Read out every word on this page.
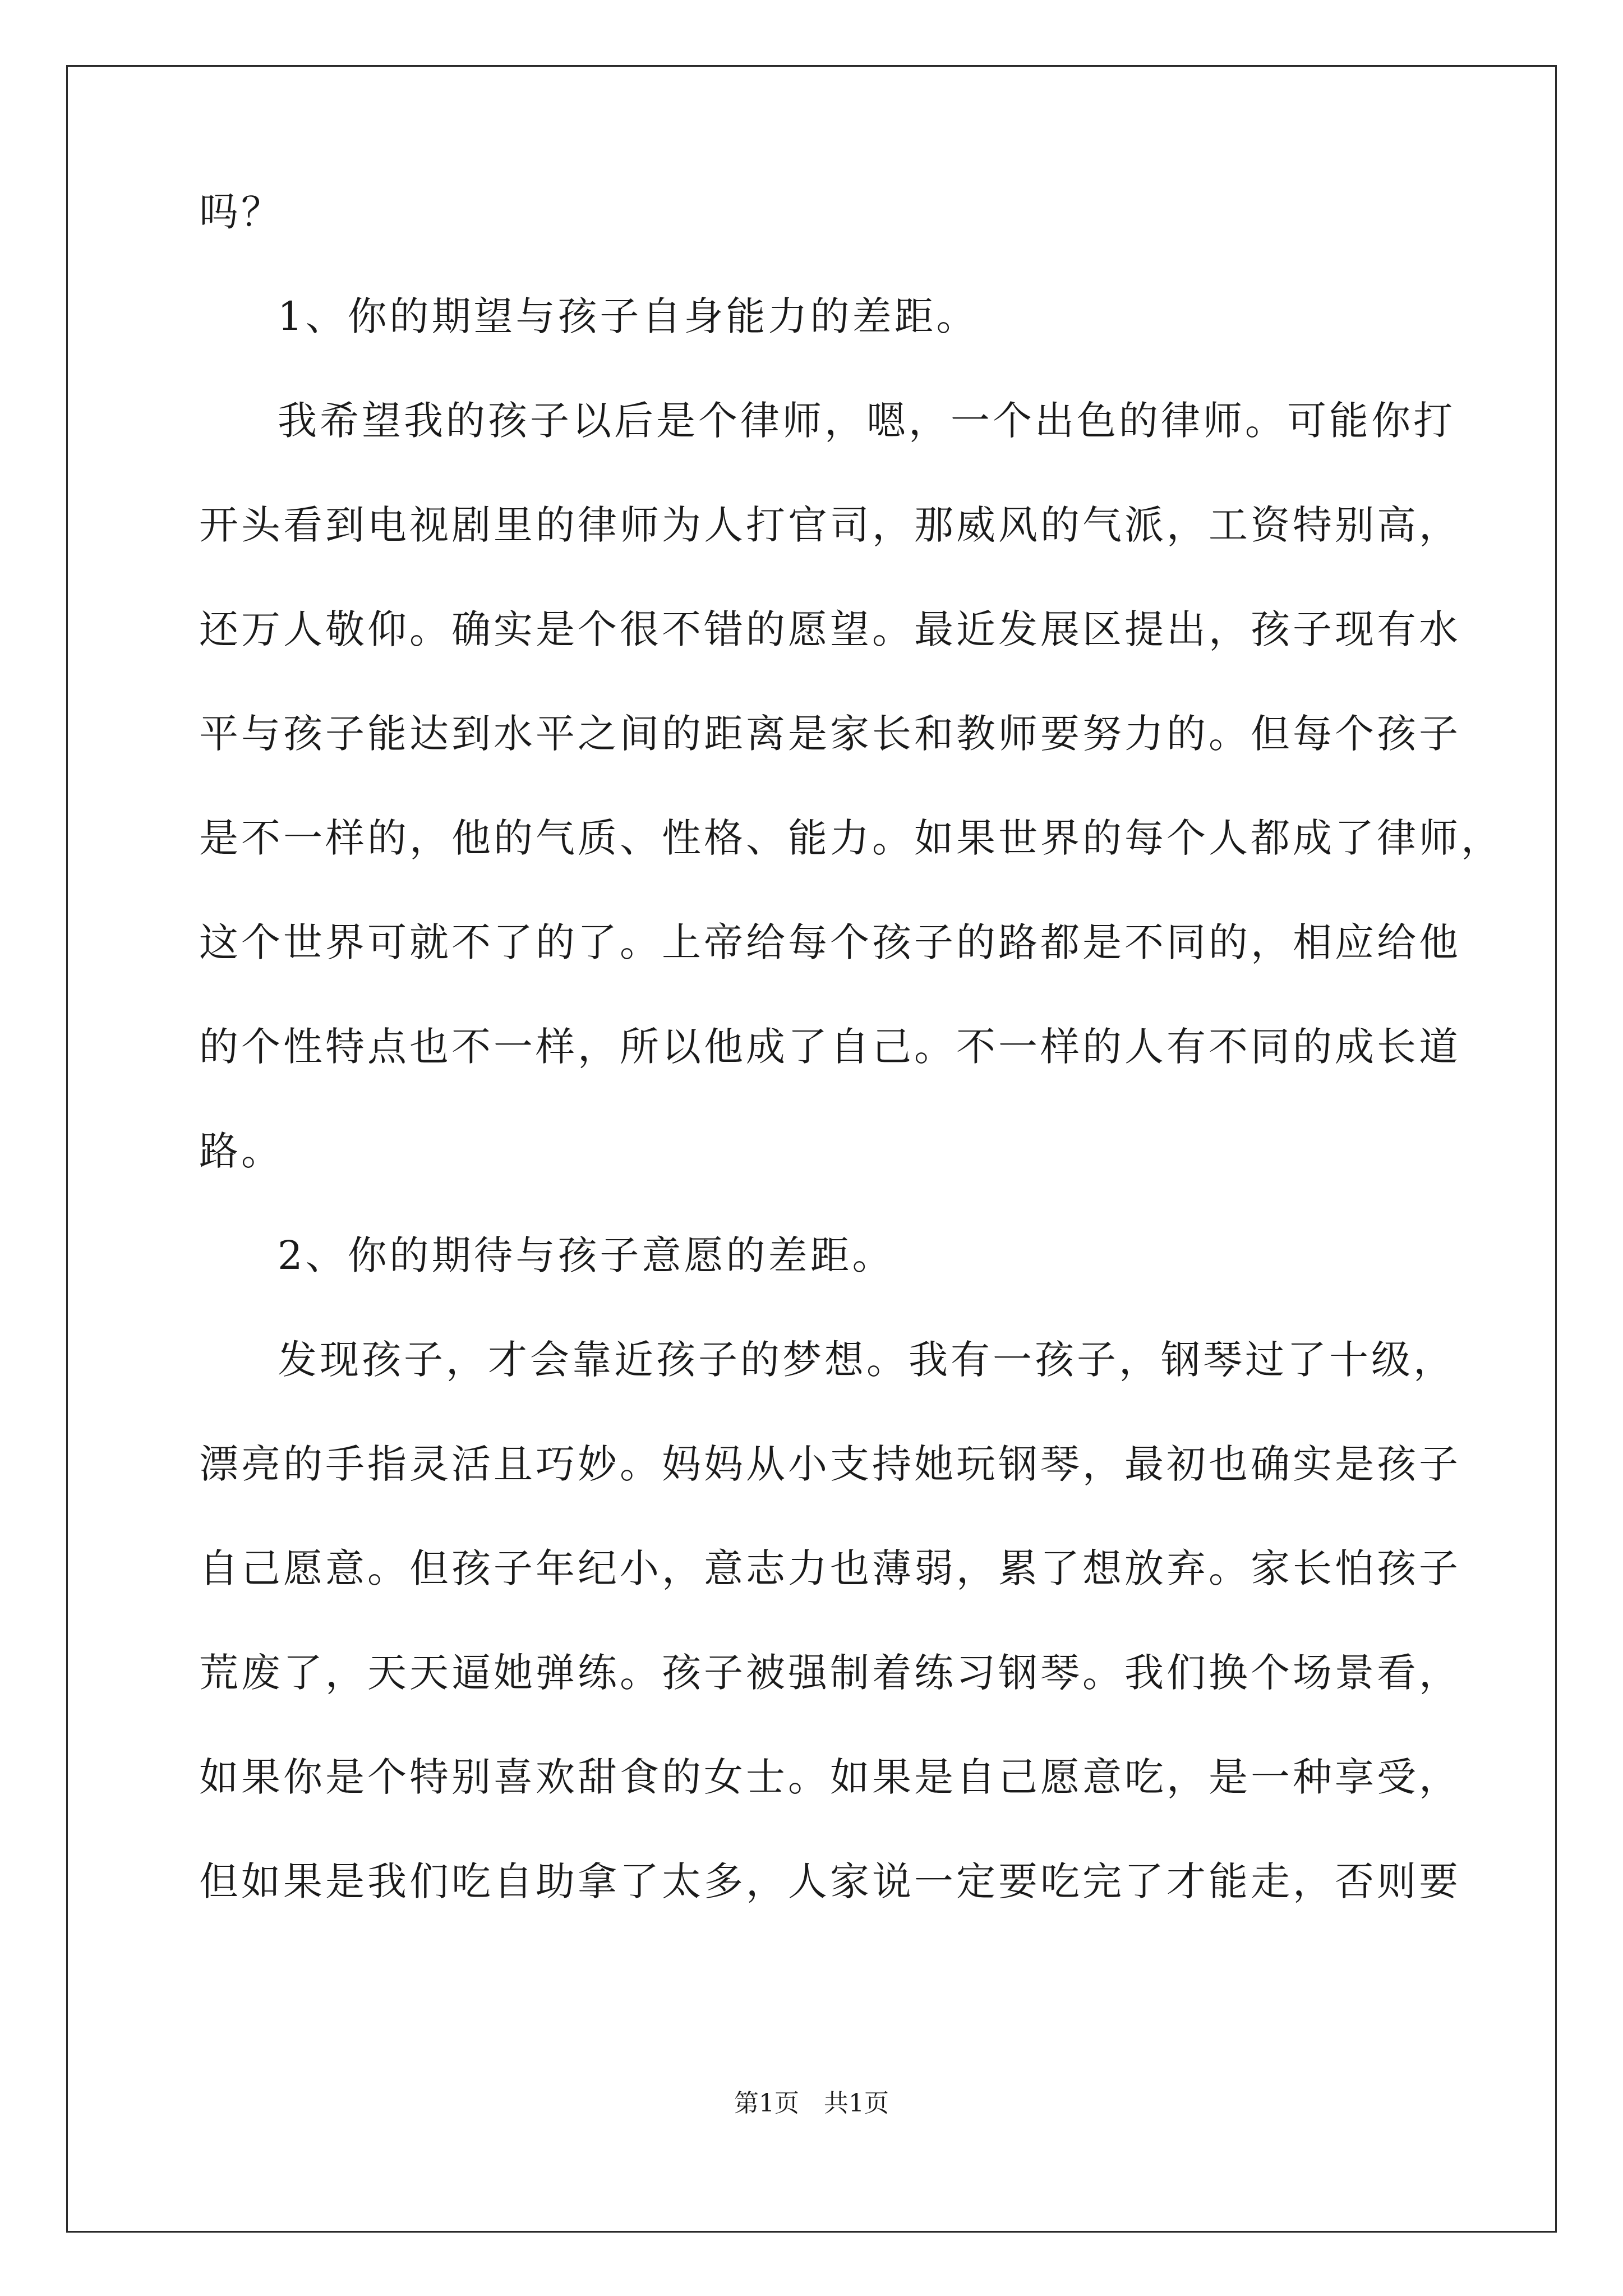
吗？
1、你的期望与孩子自身能力的差距。
我希望我的孩子以后是个律师，嗯，一个出色的律师。可能你打
开头看到电视剧里的律师为人打官司，那威风的气派，工资特别高，
还万人敬仰。确实是个很不错的愿望。最近发展区提出，孩子现有水
平与孩子能达到水平之间的距离是家长和教师要努力的。但每个孩子
是不一样的，他的气质、性格、能力。如果世界的每个人都成了律师，
这个世界可就不了的了。上帝给每个孩子的路都是不同的，相应给他
的个性特点也不一样，所以他成了自己。不一样的人有不同的成长道
路。
2、你的期待与孩子意愿的差距。
发现孩子，才会靠近孩子的梦想。我有一孩子，钢琴过了十级，
漂亮的手指灵活且巧妙。妈妈从小支持她玩钢琴，最初也确实是孩子
自己愿意。但孩子年纪小，意志力也薄弱，累了想放弃。家长怕孩子
荒废了，天天逼她弹练。孩子被强制着练习钢琴。我们换个场景看，
如果你是个特别喜欢甜食的女士。如果是自己愿意吃，是一种享受，
但如果是我们吃自助拿了太多，人家说一定要吃完了才能走，否则要
第1页　共1页
